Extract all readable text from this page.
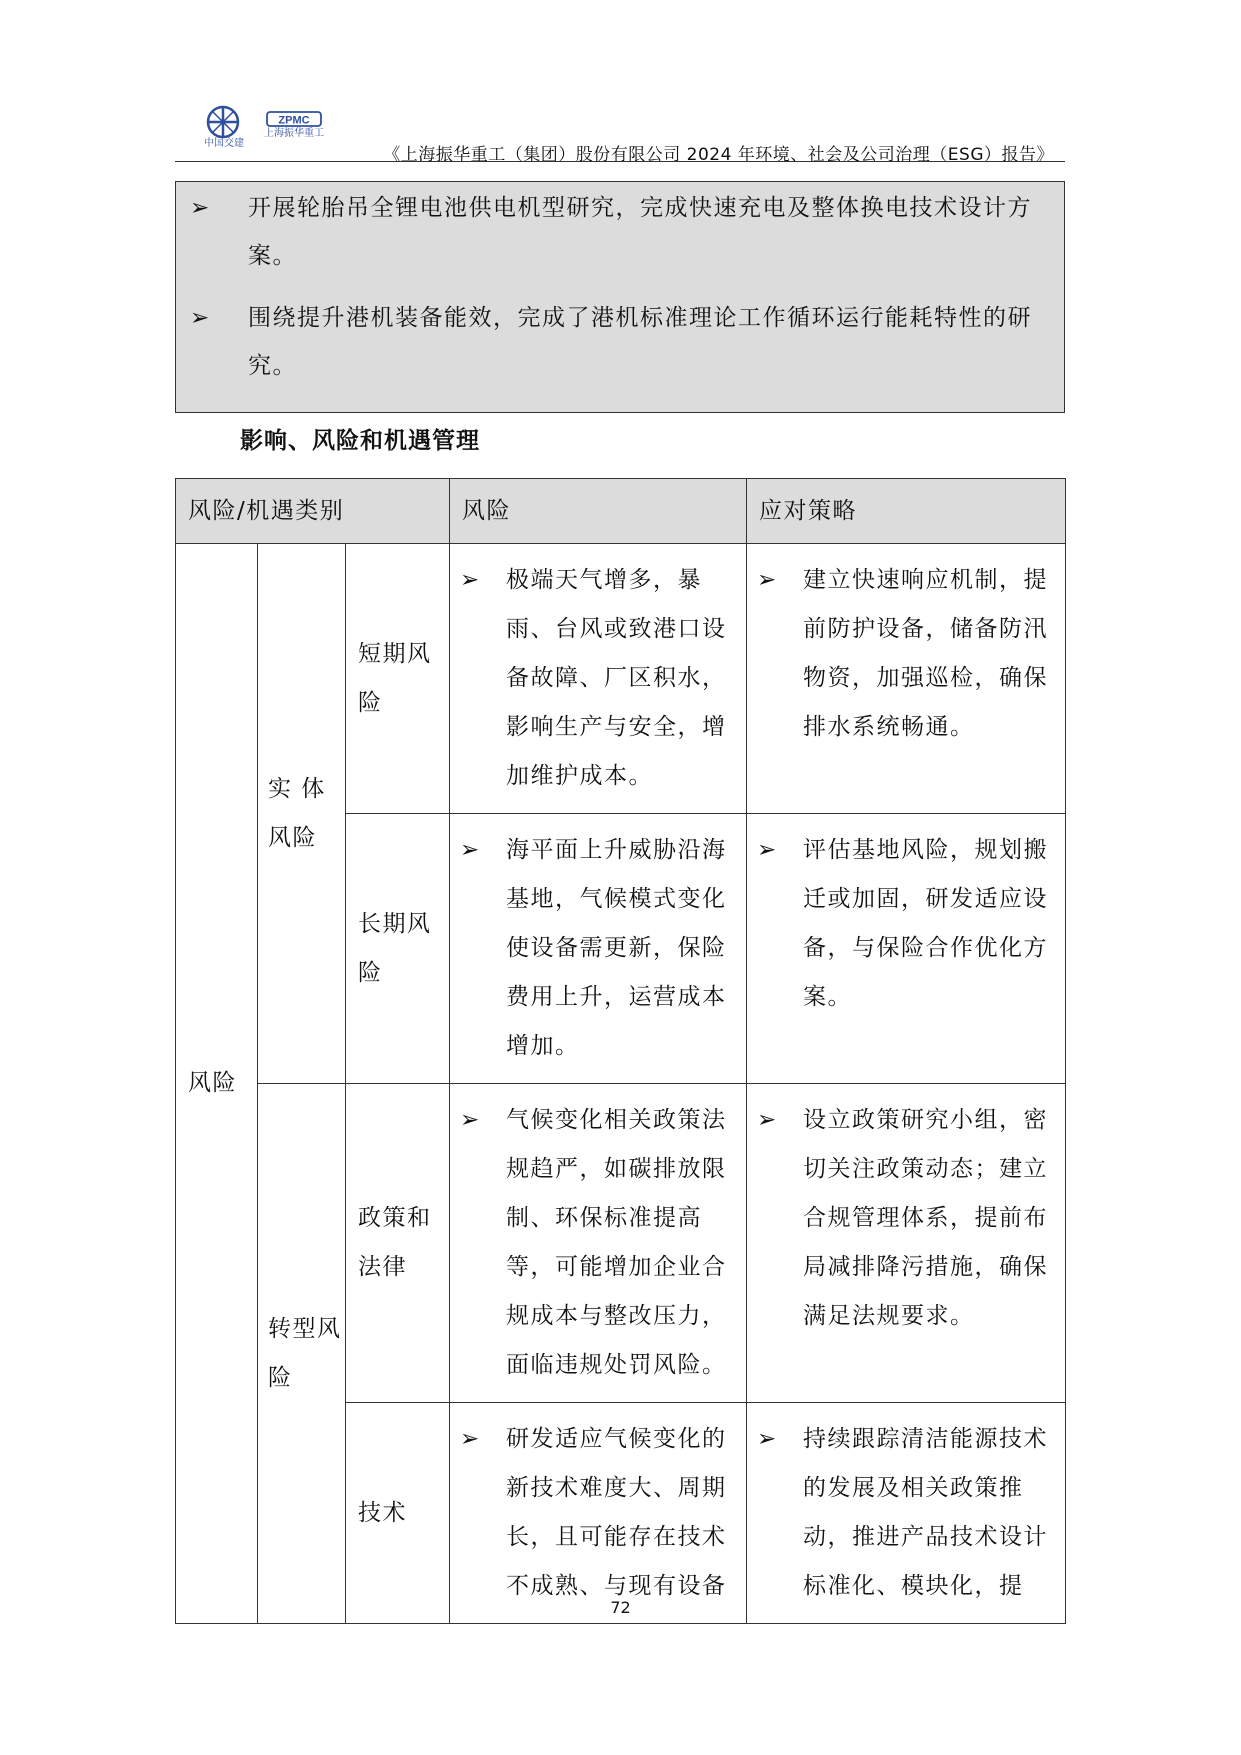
中国交建
ZPMC
上海振华重工
《上海振华重工（集团）股份有限公司 2024 年环境、社会及公司治理（ESG）报告》
➢	开展轮胎吊全锂电池供电机型研究，完成快速充电及整体换电技术设计方案。
➢	围绕提升港机装备能效，完成了港机标准理论工作循环运行能耗特性的研究。
影响、风险和机遇管理
风险/机遇类别			风险	应对策略
风险	实 体 风险	短期风险	➢ 极端天气增多，暴雨、台风或致港口设备故障、厂区积水，影响生产与安全，增加维护成本。	➢ 建立快速响应机制，提前防护设备，储备防汛物资，加强巡检，确保排水系统畅通。

		长期风险	➢ 海平面上升威胁沿海基地，气候模式变化使设备需更新，保险费用上升，运营成本增加。	➢ 评估基地风险，规划搬迁或加固，研发适应设备，与保险合作优化方案。

	转型风险	政策和法律	➢ 气候变化相关政策法规趋严，如碳排放限制、环保标准提高等，可能增加企业合规成本与整改压力，面临违规处罚风险。	➢ 设立政策研究小组，密切关注政策动态；建立合规管理体系，提前布局减排降污措施，确保满足法规要求。

		技术	➢ 研发适应气候变化的新技术难度大、周期长，且可能存在技术不成熟、与现有设备	➢ 持续跟踪清洁能源技术的发展及相关政策推动，推进产品技术设计标准化、模块化，提
72
